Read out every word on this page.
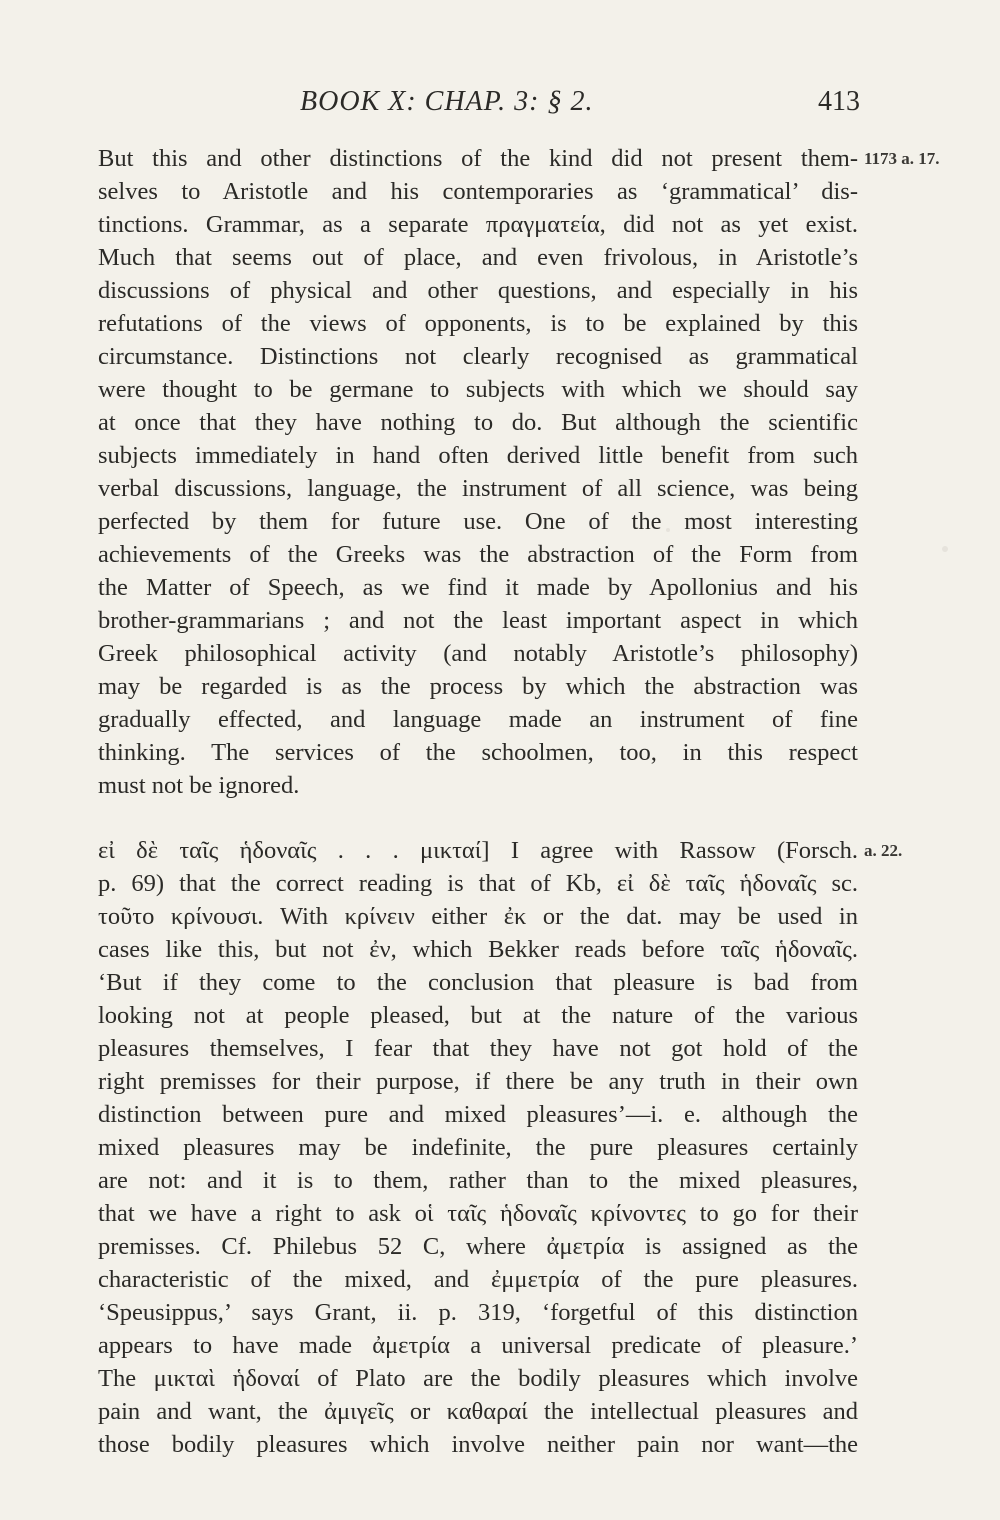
BOOK X: CHAP. 3: § 2.	413
But this and other distinctions of the kind did not present them-
selves to Aristotle and his contemporaries as ‘grammatical’ dis-
tinctions. Grammar, as a separate πραγματεία, did not as yet exist.
Much that seems out of place, and even frivolous, in Aristotle’s
discussions of physical and other questions, and especially in his
refutations of the views of opponents, is to be explained by this
circumstance. Distinctions not clearly recognised as grammatical
were thought to be germane to subjects with which we should say
at once that they have nothing to do. But although the scientific
subjects immediately in hand often derived little benefit from such
verbal discussions, language, the instrument of all science, was being
perfected by them for future use. One of the most interesting
achievements of the Greeks was the abstraction of the Form from
the Matter of Speech, as we find it made by Apollonius and his
brother-grammarians ; and not the least important aspect in which
Greek philosophical activity (and notably Aristotle’s philosophy)
may be regarded is as the process by which the abstraction was
gradually effected, and language made an instrument of fine
thinking. The services of the schoolmen, too, in this respect
must not be ignored.
εἰ δὲ ταῖς ἡδοναῖς . . . μικταί] I agree with Rassow (Forsch.
p. 69) that the correct reading is that of Kb, εἰ δὲ ταῖς ἡδοναῖς sc.
τοῦτο κρίνουσι. With κρίνειν either ἐκ or the dat. may be used in
cases like this, but not ἐν, which Bekker reads before ταῖς ἡδοναῖς.
‘But if they come to the conclusion that pleasure is bad from
looking not at people pleased, but at the nature of the various
pleasures themselves, I fear that they have not got hold of the
right premisses for their purpose, if there be any truth in their own
distinction between pure and mixed pleasures’—i. e. although the
mixed pleasures may be indefinite, the pure pleasures certainly
are not: and it is to them, rather than to the mixed pleasures,
that we have a right to ask οἱ ταῖς ἡδοναῖς κρίνοντες to go for their
premisses. Cf. Philebus 52 C, where ἀμετρία is assigned as the
characteristic of the mixed, and ἐμμετρία of the pure pleasures.
‘Speusippus,’ says Grant, ii. p. 319, ‘forgetful of this distinction
appears to have made ἀμετρία a universal predicate of pleasure.’
The μικταὶ ἡδοναί of Plato are the bodily pleasures which involve
pain and want, the ἀμιγεῖς or καθαραί the intellectual pleasures and
those bodily pleasures which involve neither pain nor want—the
1173 a. 17.
a. 22.
